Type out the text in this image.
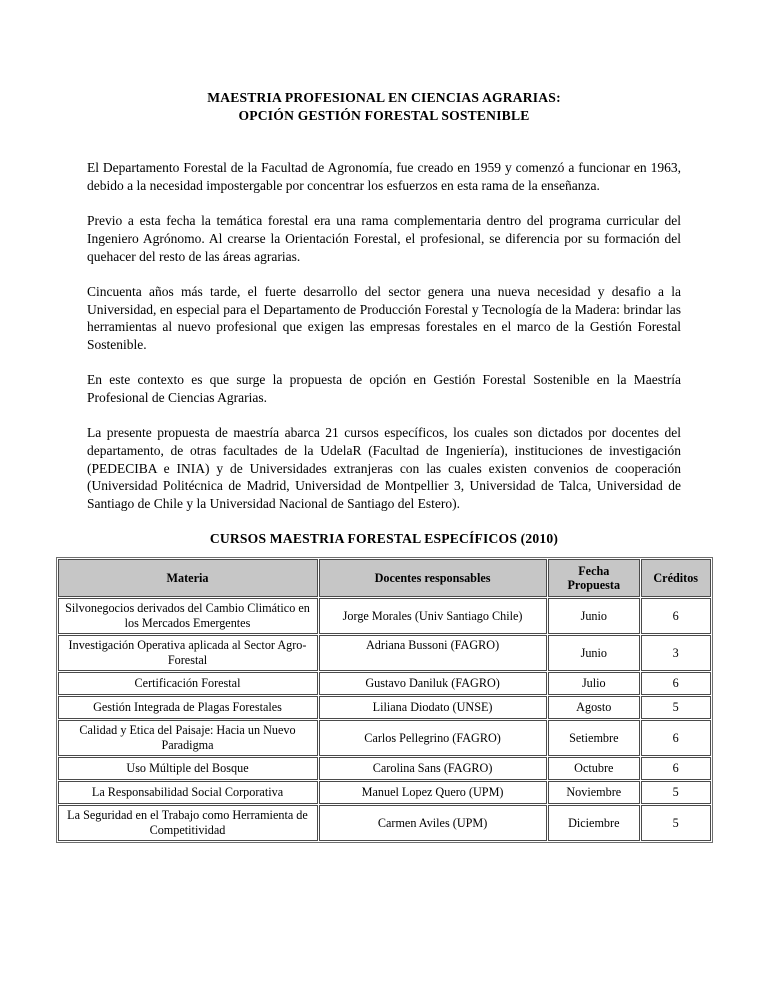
MAESTRIA PROFESIONAL EN CIENCIAS AGRARIAS:
OPCIÓN GESTIÓN FORESTAL SOSTENIBLE

El Departamento Forestal de la Facultad de Agronomía, fue creado en 1959 y comenzó a funcionar en 1963, debido a la necesidad impostergable por concentrar los esfuerzos en esta rama de la enseñanza.

Previo a esta fecha la temática forestal era una rama complementaria dentro del programa curricular del Ingeniero Agrónomo. Al crearse la Orientación Forestal, el profesional, se diferencia por su formación del quehacer del resto de las áreas agrarias.

Cincuenta años más tarde, el fuerte desarrollo del sector genera una nueva necesidad y desafio a la Universidad, en especial para el Departamento de Producción Forestal y Tecnología de la Madera: brindar las herramientas al nuevo profesional que exigen las empresas forestales en el marco de la Gestión Forestal Sostenible.

En este contexto es que surge la propuesta de opción en Gestión Forestal Sostenible en la Maestría Profesional de Ciencias Agrarias.

La presente propuesta de maestría abarca 21 cursos específicos, los cuales son dictados por docentes del departamento, de otras facultades de la UdelaR (Facultad de Ingeniería), instituciones de investigación (PEDECIBA e INIA) y de Universidades extranjeras con las cuales existen convenios de cooperación (Universidad Politécnica de Madrid, Universidad de Montpellier 3, Universidad de Talca, Universidad de Santiago de Chile y la Universidad Nacional de Santiago del Estero).

CURSOS MAESTRIA FORESTAL ESPECÍFICOS (2010)
Materia	Docentes responsables	Fecha Propuesta	Créditos
Silvonegocios derivados del Cambio Climático en los Mercados Emergentes	Jorge Morales (Univ Santiago Chile)	Junio	6
Investigación Operativa aplicada al Sector Agro-Forestal	Adriana Bussoni (FAGRO)	Junio	3
Certificación Forestal	Gustavo Daniluk (FAGRO)	Julio	6
Gestión Integrada de Plagas Forestales	Liliana Diodato (UNSE)	Agosto	5
Calidad y Etica del Paisaje: Hacia un Nuevo Paradigma	Carlos Pellegrino (FAGRO)	Setiembre	6
Uso Múltiple del Bosque	Carolina Sans (FAGRO)	Octubre	6
La Responsabilidad Social Corporativa	Manuel Lopez Quero (UPM)	Noviembre	5
La Seguridad en el Trabajo como Herramienta de Competitividad	Carmen Aviles (UPM)	Diciembre	5
